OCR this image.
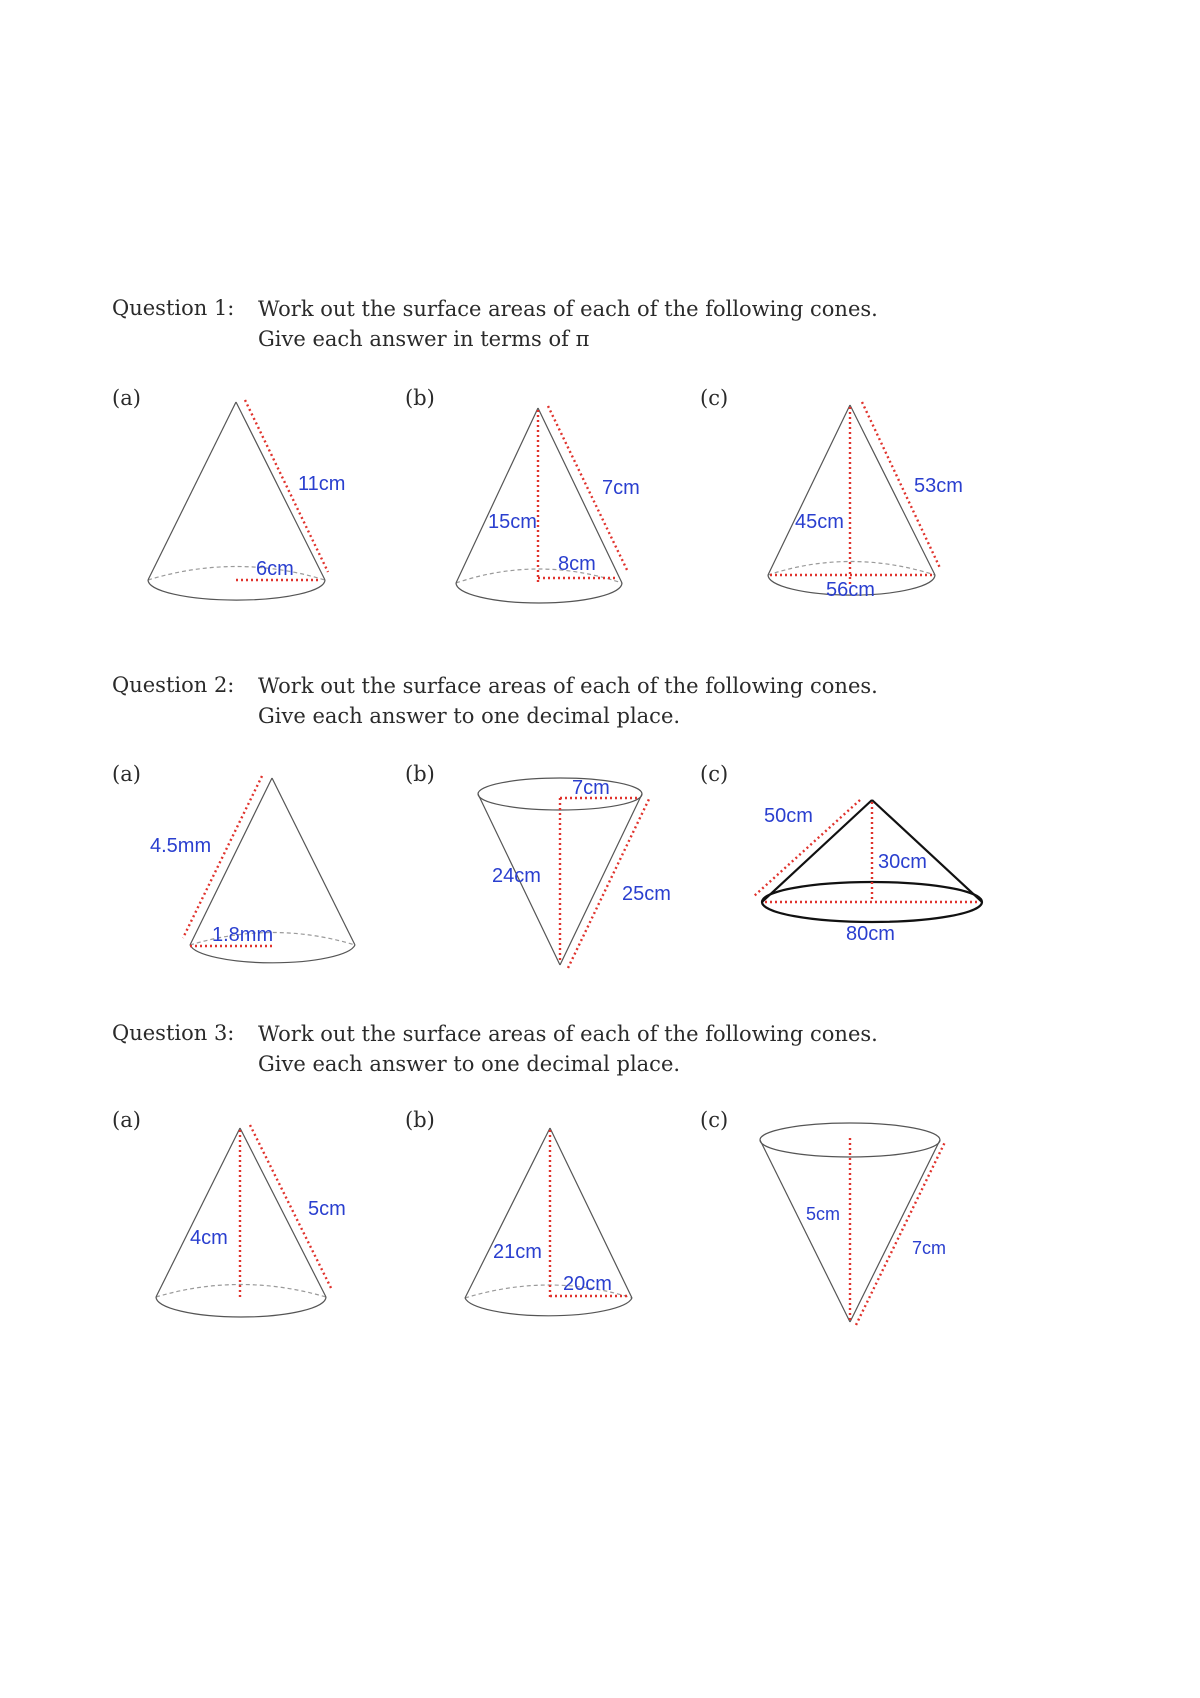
Question 1: Work out the surface areas of each of the following cones.
Give each answer in terms of π
(a)	(b)	(c)
Question 2: Work out the surface areas of each of the following cones.
Give each answer to one decimal place.
(a)	(b)	(c)
Question 3: Work out the surface areas of each of the following cones.
Give each answer to one decimal place.
(a)	(b)	(c)
11cm
6cm
7cm
15cm
8cm
53cm
45cm
56cm
4.5mm
1.8mm
7cm
24cm
25cm
50cm
30cm
80cm
5cm
4cm
21cm
20cm
5cm
7cm
